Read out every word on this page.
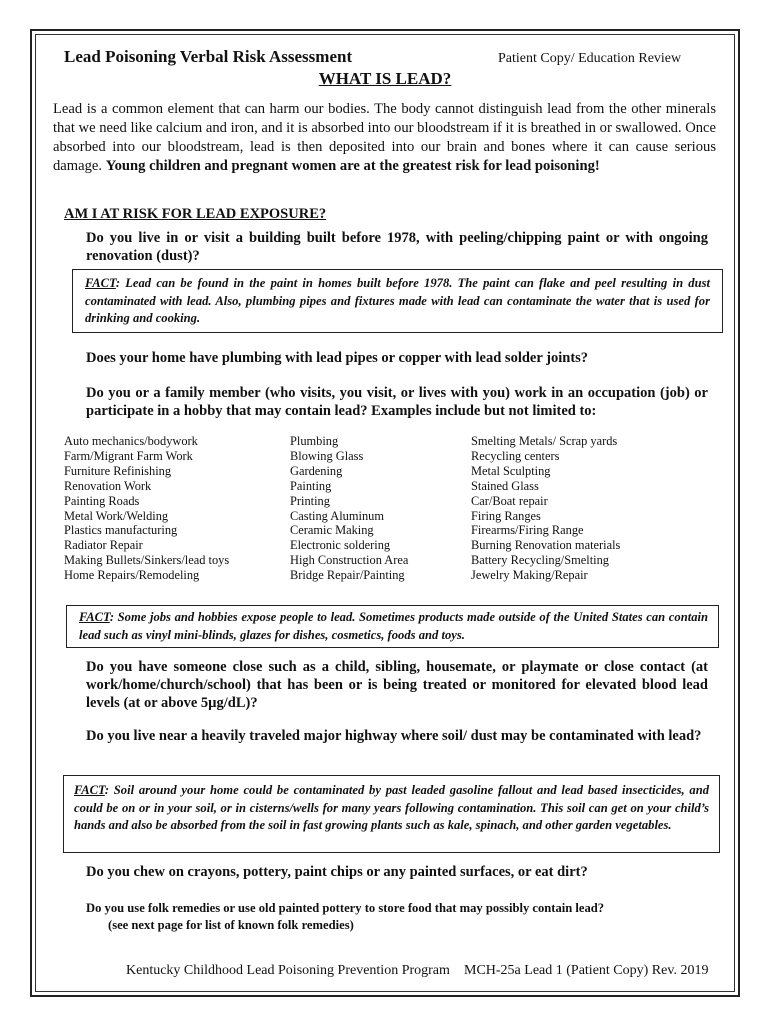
Lead Poisoning Verbal Risk Assessment	Patient Copy/ Education Review
WHAT IS LEAD?
Lead is a common element that can harm our bodies. The body cannot distinguish lead from the other minerals that we need like calcium and iron, and it is absorbed into our bloodstream if it is breathed in or swallowed. Once absorbed into our bloodstream, lead is then deposited into our brain and bones where it can cause serious damage. Young children and pregnant women are at the greatest risk for lead poisoning!
AM I AT RISK FOR LEAD EXPOSURE?
Do you live in or visit a building built before 1978, with peeling/chipping paint or with ongoing renovation (dust)?
FACT: Lead can be found in the paint in homes built before 1978. The paint can flake and peel resulting in dust contaminated with lead. Also, plumbing pipes and fixtures made with lead can contaminate the water that is used for drinking and cooking.
Does your home have plumbing with lead pipes or copper with lead solder joints?
Do you or a family member (who visits, you visit, or lives with you) work in an occupation (job) or participate in a hobby that may contain lead? Examples include but not limited to:
Auto mechanics/bodywork
Farm/Migrant Farm Work
Furniture Refinishing
Renovation Work
Painting Roads
Metal Work/Welding
Plastics manufacturing
Radiator Repair
Making Bullets/Sinkers/lead toys
Home Repairs/Remodeling
Plumbing
Blowing Glass
Gardening
Painting
Printing
Casting Aluminum
Ceramic Making
Electronic soldering
High Construction Area
Bridge Repair/Painting
Smelting Metals/ Scrap yards
Recycling centers
Metal Sculpting
Stained Glass
Car/Boat repair
Firing Ranges
Firearms/Firing Range
Burning Renovation materials
Battery Recycling/Smelting
Jewelry Making/Repair
FACT: Some jobs and hobbies expose people to lead. Sometimes products made outside of the United States can contain lead such as vinyl mini-blinds, glazes for dishes, cosmetics, foods and toys.
Do you have someone close such as a child, sibling, housemate, or playmate or close contact (at work/home/church/school) that has been or is being treated or monitored for elevated blood lead levels (at or above 5µg/dL)?
Do you live near a heavily traveled major highway where soil/ dust may be contaminated with lead?
FACT: Soil around your home could be contaminated by past leaded gasoline fallout and lead based insecticides, and could be on or in your soil, or in cisterns/wells for many years following contamination. This soil can get on your child’s hands and also be absorbed from the soil in fast growing plants such as kale, spinach, and other garden vegetables.
Do you chew on crayons, pottery, paint chips or any painted surfaces, or eat dirt?
Do you use folk remedies or use old painted pottery to store food that may possibly contain lead?
(see next page for list of known folk remedies)
Kentucky Childhood Lead Poisoning Prevention Program MCH-25a Lead 1 (Patient Copy) Rev. 2019
